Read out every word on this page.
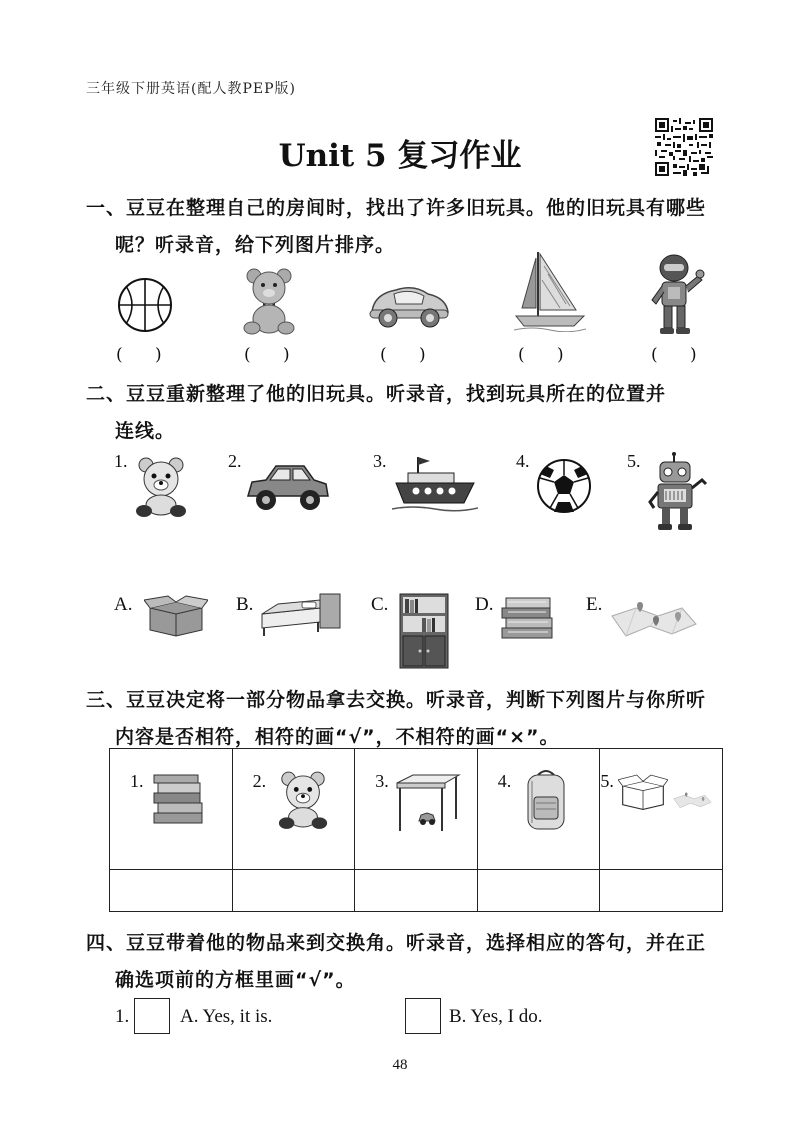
三年级下册英语(配人教PEP版)
Unit 5 复习作业
一、豆豆在整理自己的房间时，找出了许多旧玩具。他的旧玩具有哪些
呢？听录音，给下列图片排序。
(      )	(      )	(      )	(      )	(      )
二、豆豆重新整理了他的旧玩具。听录音，找到玩具所在的位置并
连线。
1.	2.	3.	4.	5.
A.	B.	C.	D.	E.
三、豆豆决定将一部分物品拿去交换。听录音，判断下列图片与你所听
内容是否相符，相符的画“√”，不相符的画“×”。
1.	2.	3.	4.	5.

四、豆豆带着他的物品来到交换角。听录音，选择相应的答句，并在正
确选项前的方框里画“√”。
1.	A. Yes, it is.	B. Yes, I do.
48
